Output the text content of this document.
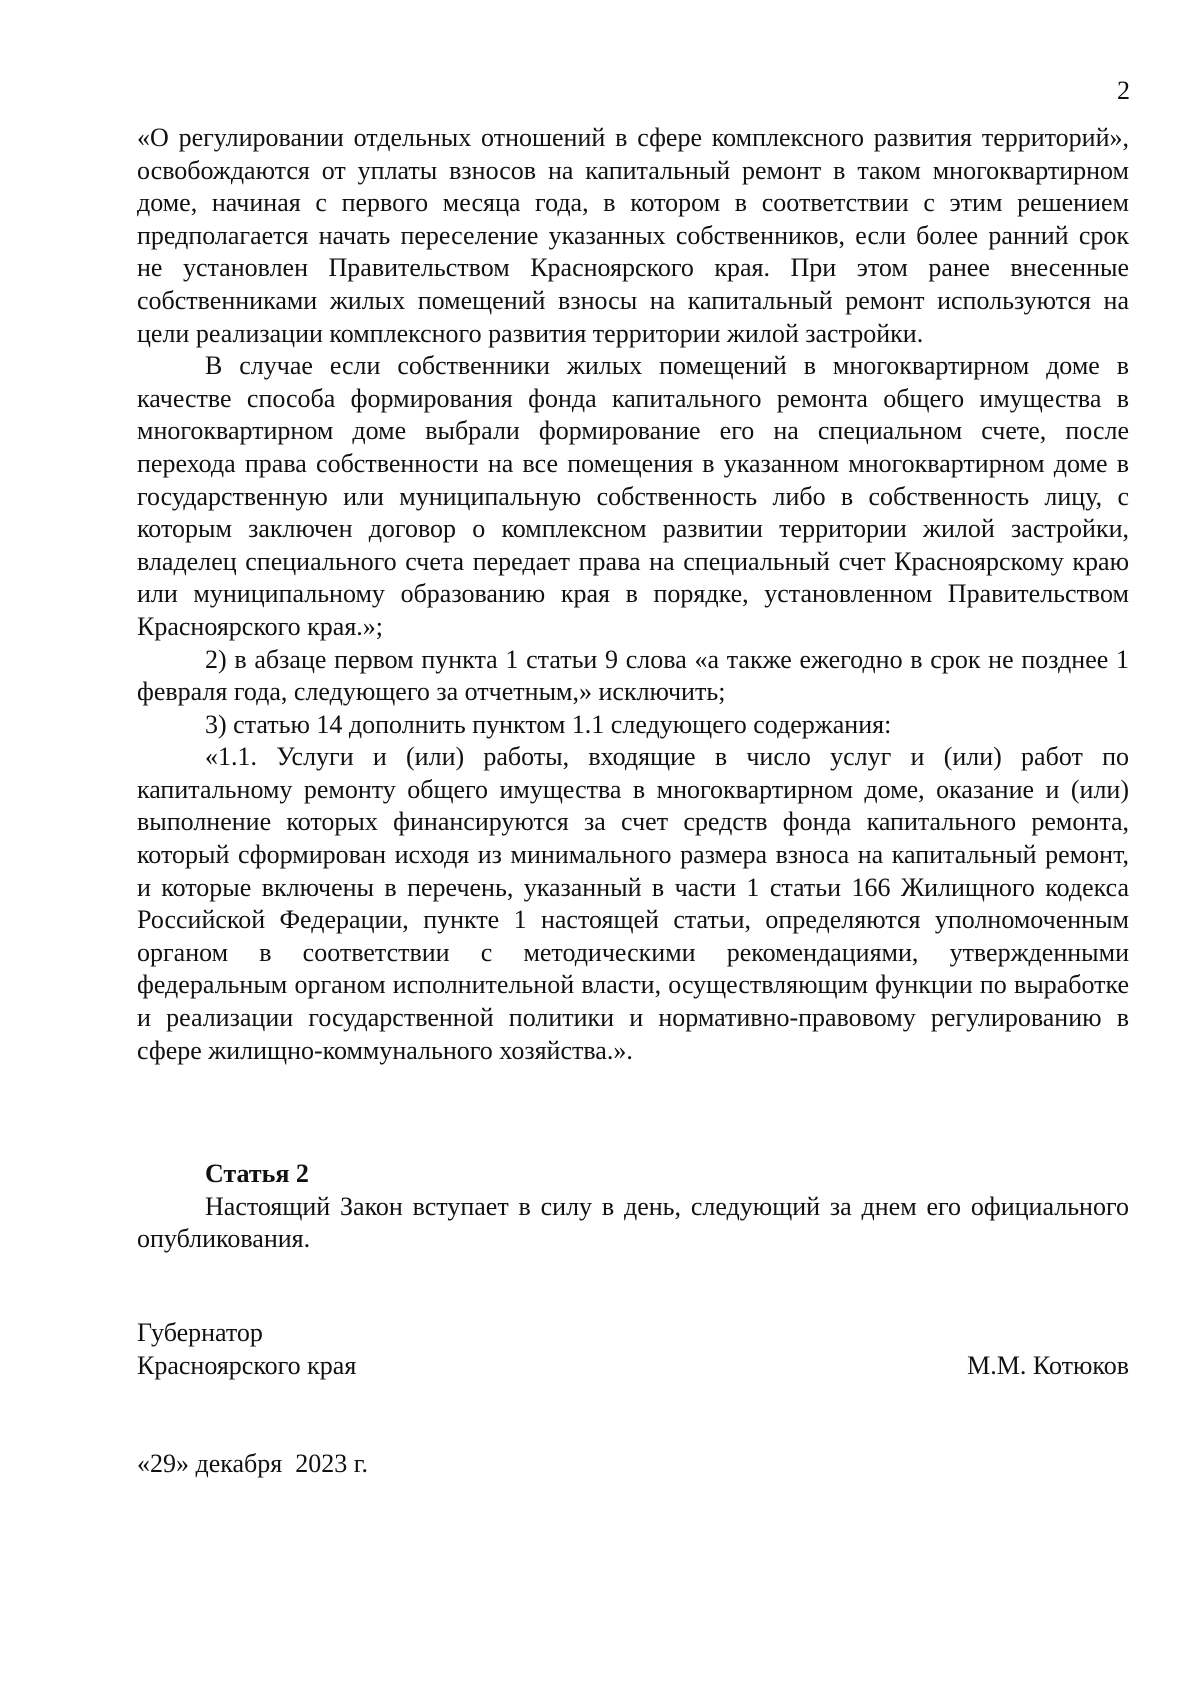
2

«О регулировании отдельных отношений в сфере комплексного развития территорий», освобождаются от уплаты взносов на капитальный ремонт в таком многоквартирном доме, начиная с первого месяца года, в котором в соответствии с этим решением предполагается начать переселение указанных собственников, если более ранний срок не установлен Правительством Красноярского края. При этом ранее внесенные собственниками жилых помещений взносы на капитальный ремонт используются на цели реализации комплексного развития территории жилой застройки.

В случае если собственники жилых помещений в многоквартирном доме в качестве способа формирования фонда капитального ремонта общего имущества в многоквартирном доме выбрали формирование его на специальном счете, после перехода права собственности на все помещения в указанном многоквартирном доме в государственную или муниципальную собственность либо в собственность лицу, с которым заключен договор о комплексном развитии территории жилой застройки, владелец специального счета передает права на специальный счет Красноярскому краю или муниципальному образованию края в порядке, установленном Правительством Красноярского края.»;

2) в абзаце первом пункта 1 статьи 9 слова «а также ежегодно в срок не позднее 1 февраля года, следующего за отчетным,» исключить;

3) статью 14 дополнить пунктом 1.1 следующего содержания:

«1.1. Услуги и (или) работы, входящие в число услуг и (или) работ по капитальному ремонту общего имущества в многоквартирном доме, оказание и (или) выполнение которых финансируются за счет средств фонда капитального ремонта, который сформирован исходя из минимального размера взноса на капитальный ремонт, и которые включены в перечень, указанный в части 1 статьи 166 Жилищного кодекса Российской Федерации, пункте 1 настоящей статьи, определяются уполномоченным органом в соответствии с методическими рекомендациями, утвержденными федеральным органом исполнительной власти, осуществляющим функции по выработке и реализации государственной политики и нормативно-правовому регулированию в сфере жилищно-коммунального хозяйства.».

Статья 2

Настоящий Закон вступает в силу в день, следующий за днем его официального опубликования.

Губернатор
Красноярского края	М.М. Котюков
«29» декабря  2023 г.
